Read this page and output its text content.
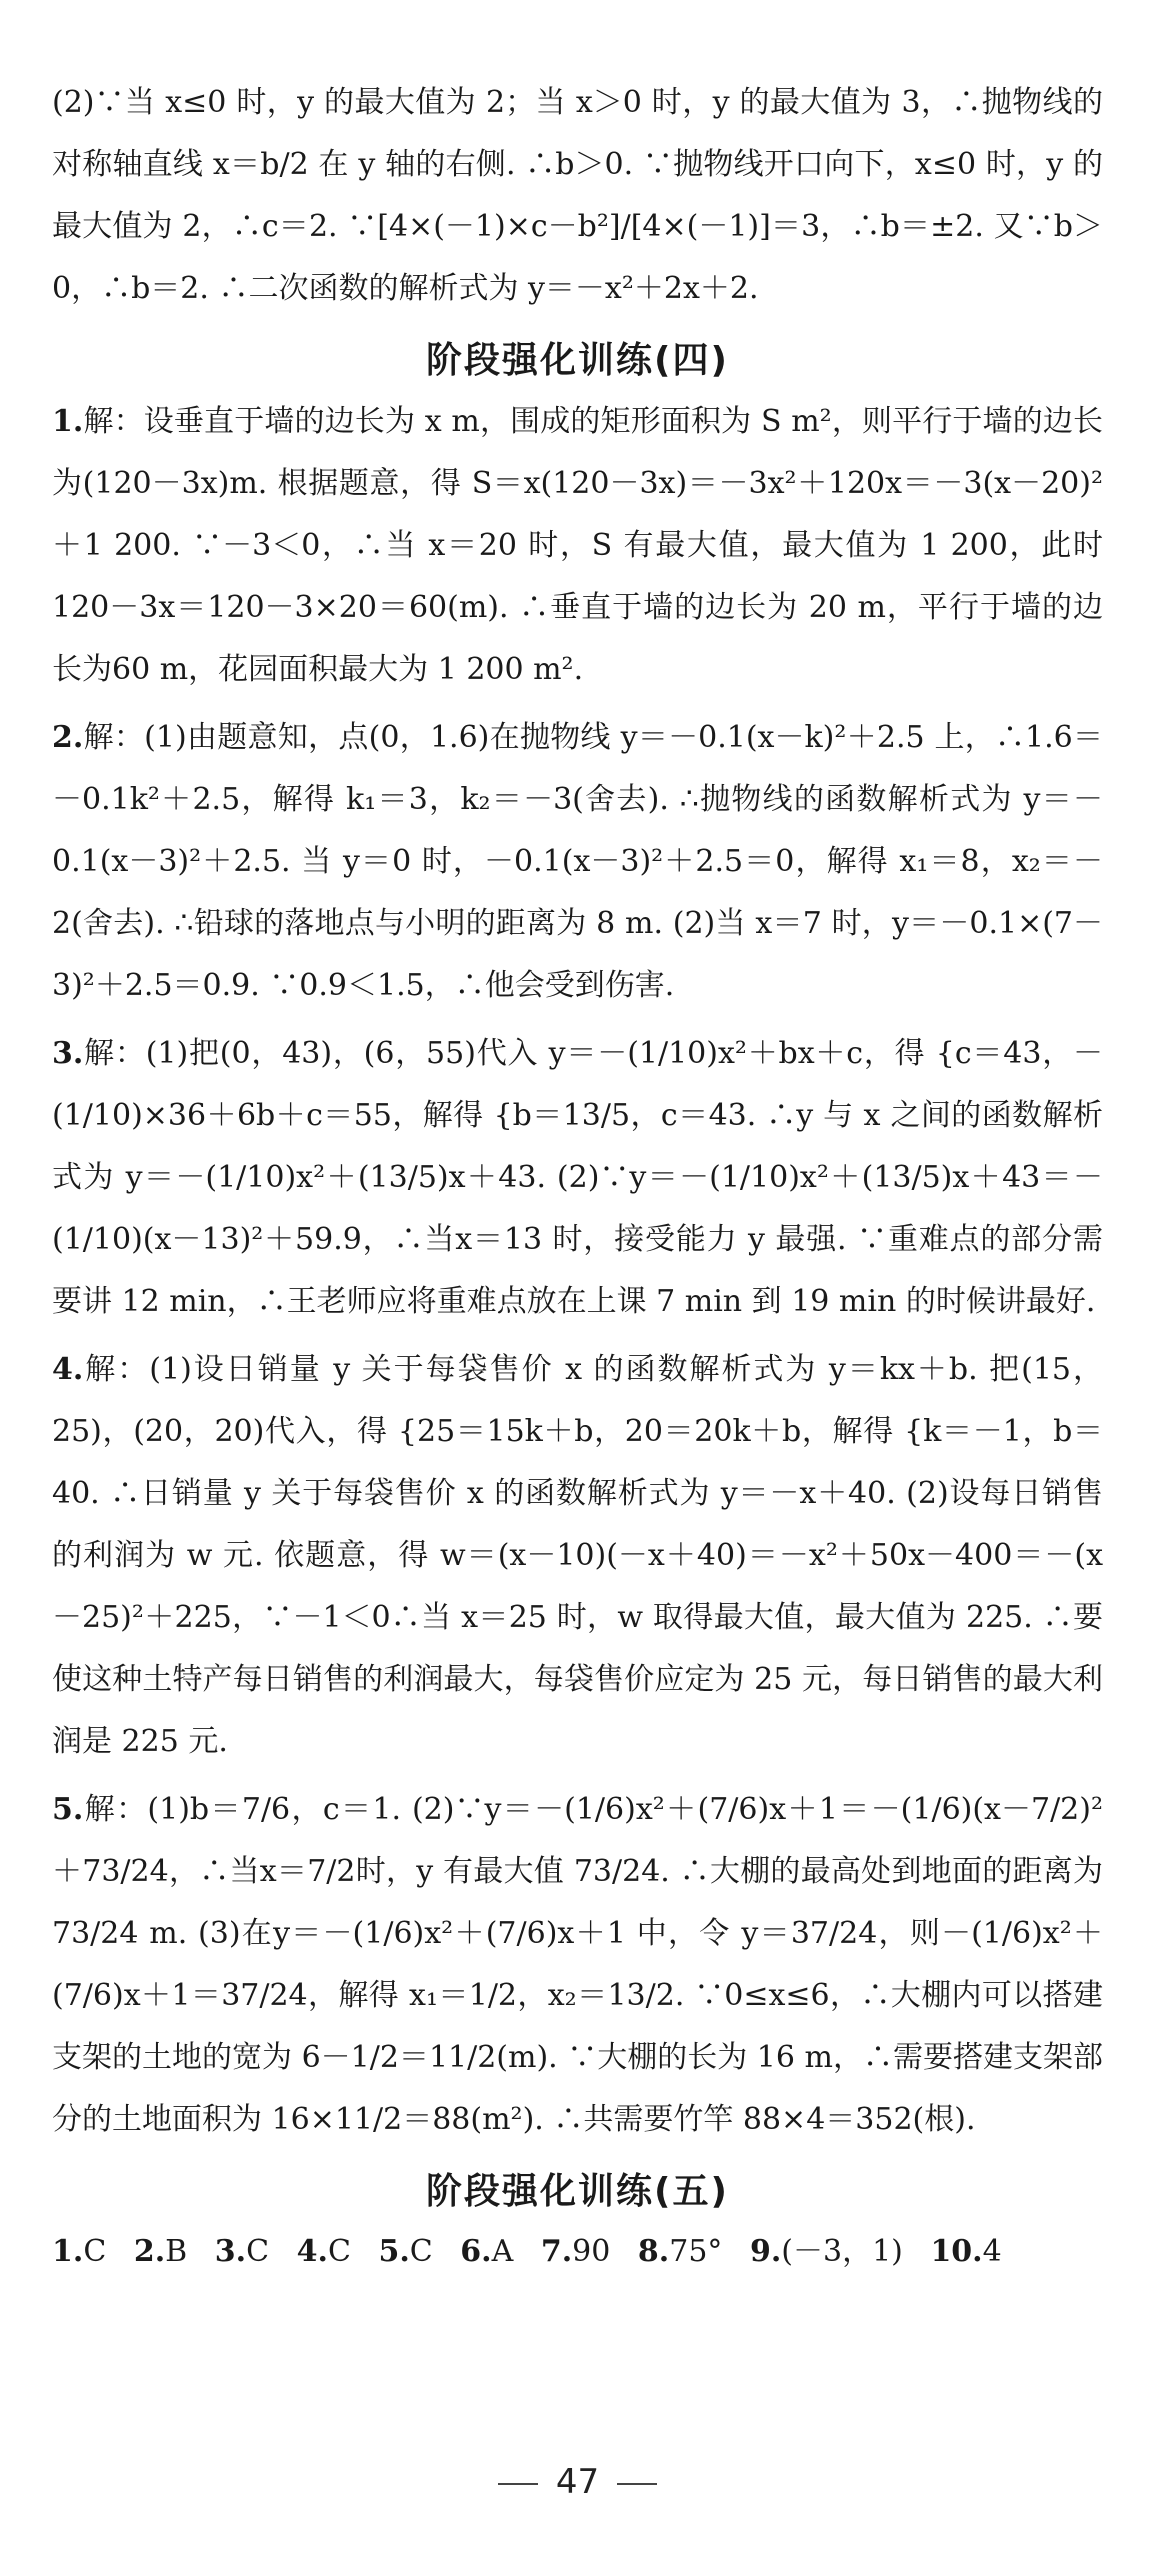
(2)∵当 x≤0 时，y 的最大值为 2；当 x＞0 时，y 的最大值为 3，∴抛物线的对称轴直线 x＝b/2 在 y 轴的右侧. ∴b＞0. ∵抛物线开口向下，x≤0 时，y 的最大值为 2，∴c＝2. ∵[4×(－1)×c－b²]/[4×(－1)]＝3，∴b＝±2. 又∵b＞0，∴b＝2. ∴二次函数的解析式为 y＝－x²＋2x＋2.

阶段强化训练(四)

1.解：设垂直于墙的边长为 x m，围成的矩形面积为 S m²，则平行于墙的边长为(120－3x)m. 根据题意，得 S＝x(120－3x)＝－3x²＋120x＝－3(x－20)²＋1 200. ∵－3＜0，∴当 x＝20 时，S 有最大值，最大值为 1 200，此时 120－3x＝120－3×20＝60(m). ∴垂直于墙的边长为 20 m，平行于墙的边长为60 m，花园面积最大为 1 200 m².

2.解：(1)由题意知，点(0，1.6)在抛物线 y＝－0.1(x－k)²＋2.5 上，∴1.6＝－0.1k²＋2.5，解得 k₁＝3，k₂＝－3(舍去). ∴抛物线的函数解析式为 y＝－0.1(x－3)²＋2.5. 当 y＝0 时，－0.1(x－3)²＋2.5＝0，解得 x₁＝8，x₂＝－2(舍去). ∴铅球的落地点与小明的距离为 8 m. (2)当 x＝7 时，y＝－0.1×(7－3)²＋2.5＝0.9. ∵0.9＜1.5，∴他会受到伤害.

3.解：(1)把(0，43)，(6，55)代入 y＝－(1/10)x²＋bx＋c，得 {c＝43，－(1/10)×36＋6b＋c＝55，解得 {b＝13/5，c＝43. ∴y 与 x 之间的函数解析式为 y＝－(1/10)x²＋(13/5)x＋43. (2)∵y＝－(1/10)x²＋(13/5)x＋43＝－(1/10)(x－13)²＋59.9，∴当x＝13 时，接受能力 y 最强. ∵重难点的部分需要讲 12 min，∴王老师应将重难点放在上课 7 min 到 19 min 的时候讲最好.

4.解：(1)设日销量 y 关于每袋售价 x 的函数解析式为 y＝kx＋b. 把(15，25)，(20，20)代入，得 {25＝15k＋b，20＝20k＋b，解得 {k＝－1，b＝40. ∴日销量 y 关于每袋售价 x 的函数解析式为 y＝－x＋40. (2)设每日销售的利润为 w 元. 依题意，得 w＝(x－10)(－x＋40)＝－x²＋50x－400＝－(x－25)²＋225，∵－1＜0∴当 x＝25 时，w 取得最大值，最大值为 225. ∴要使这种土特产每日销售的利润最大，每袋售价应定为 25 元，每日销售的最大利润是 225 元.

5.解：(1)b＝7/6，c＝1. (2)∵y＝－(1/6)x²＋(7/6)x＋1＝－(1/6)(x－7/2)²＋73/24，∴当x＝7/2时，y 有最大值 73/24. ∴大棚的最高处到地面的距离为 73/24 m. (3)在y＝－(1/6)x²＋(7/6)x＋1 中，令 y＝37/24，则－(1/6)x²＋(7/6)x＋1＝37/24，解得 x₁＝1/2，x₂＝13/2. ∵0≤x≤6，∴大棚内可以搭建支架的土地的宽为 6－1/2＝11/2(m). ∵大棚的长为 16 m，∴需要搭建支架部分的土地面积为 16×11/2＝88(m²). ∴共需要竹竿 88×4＝352(根).

阶段强化训练(五)
1.C 2.B 3.C 4.C 5.C 6.A 7.90 8.75° 9.(－3，1) 10.4
47
